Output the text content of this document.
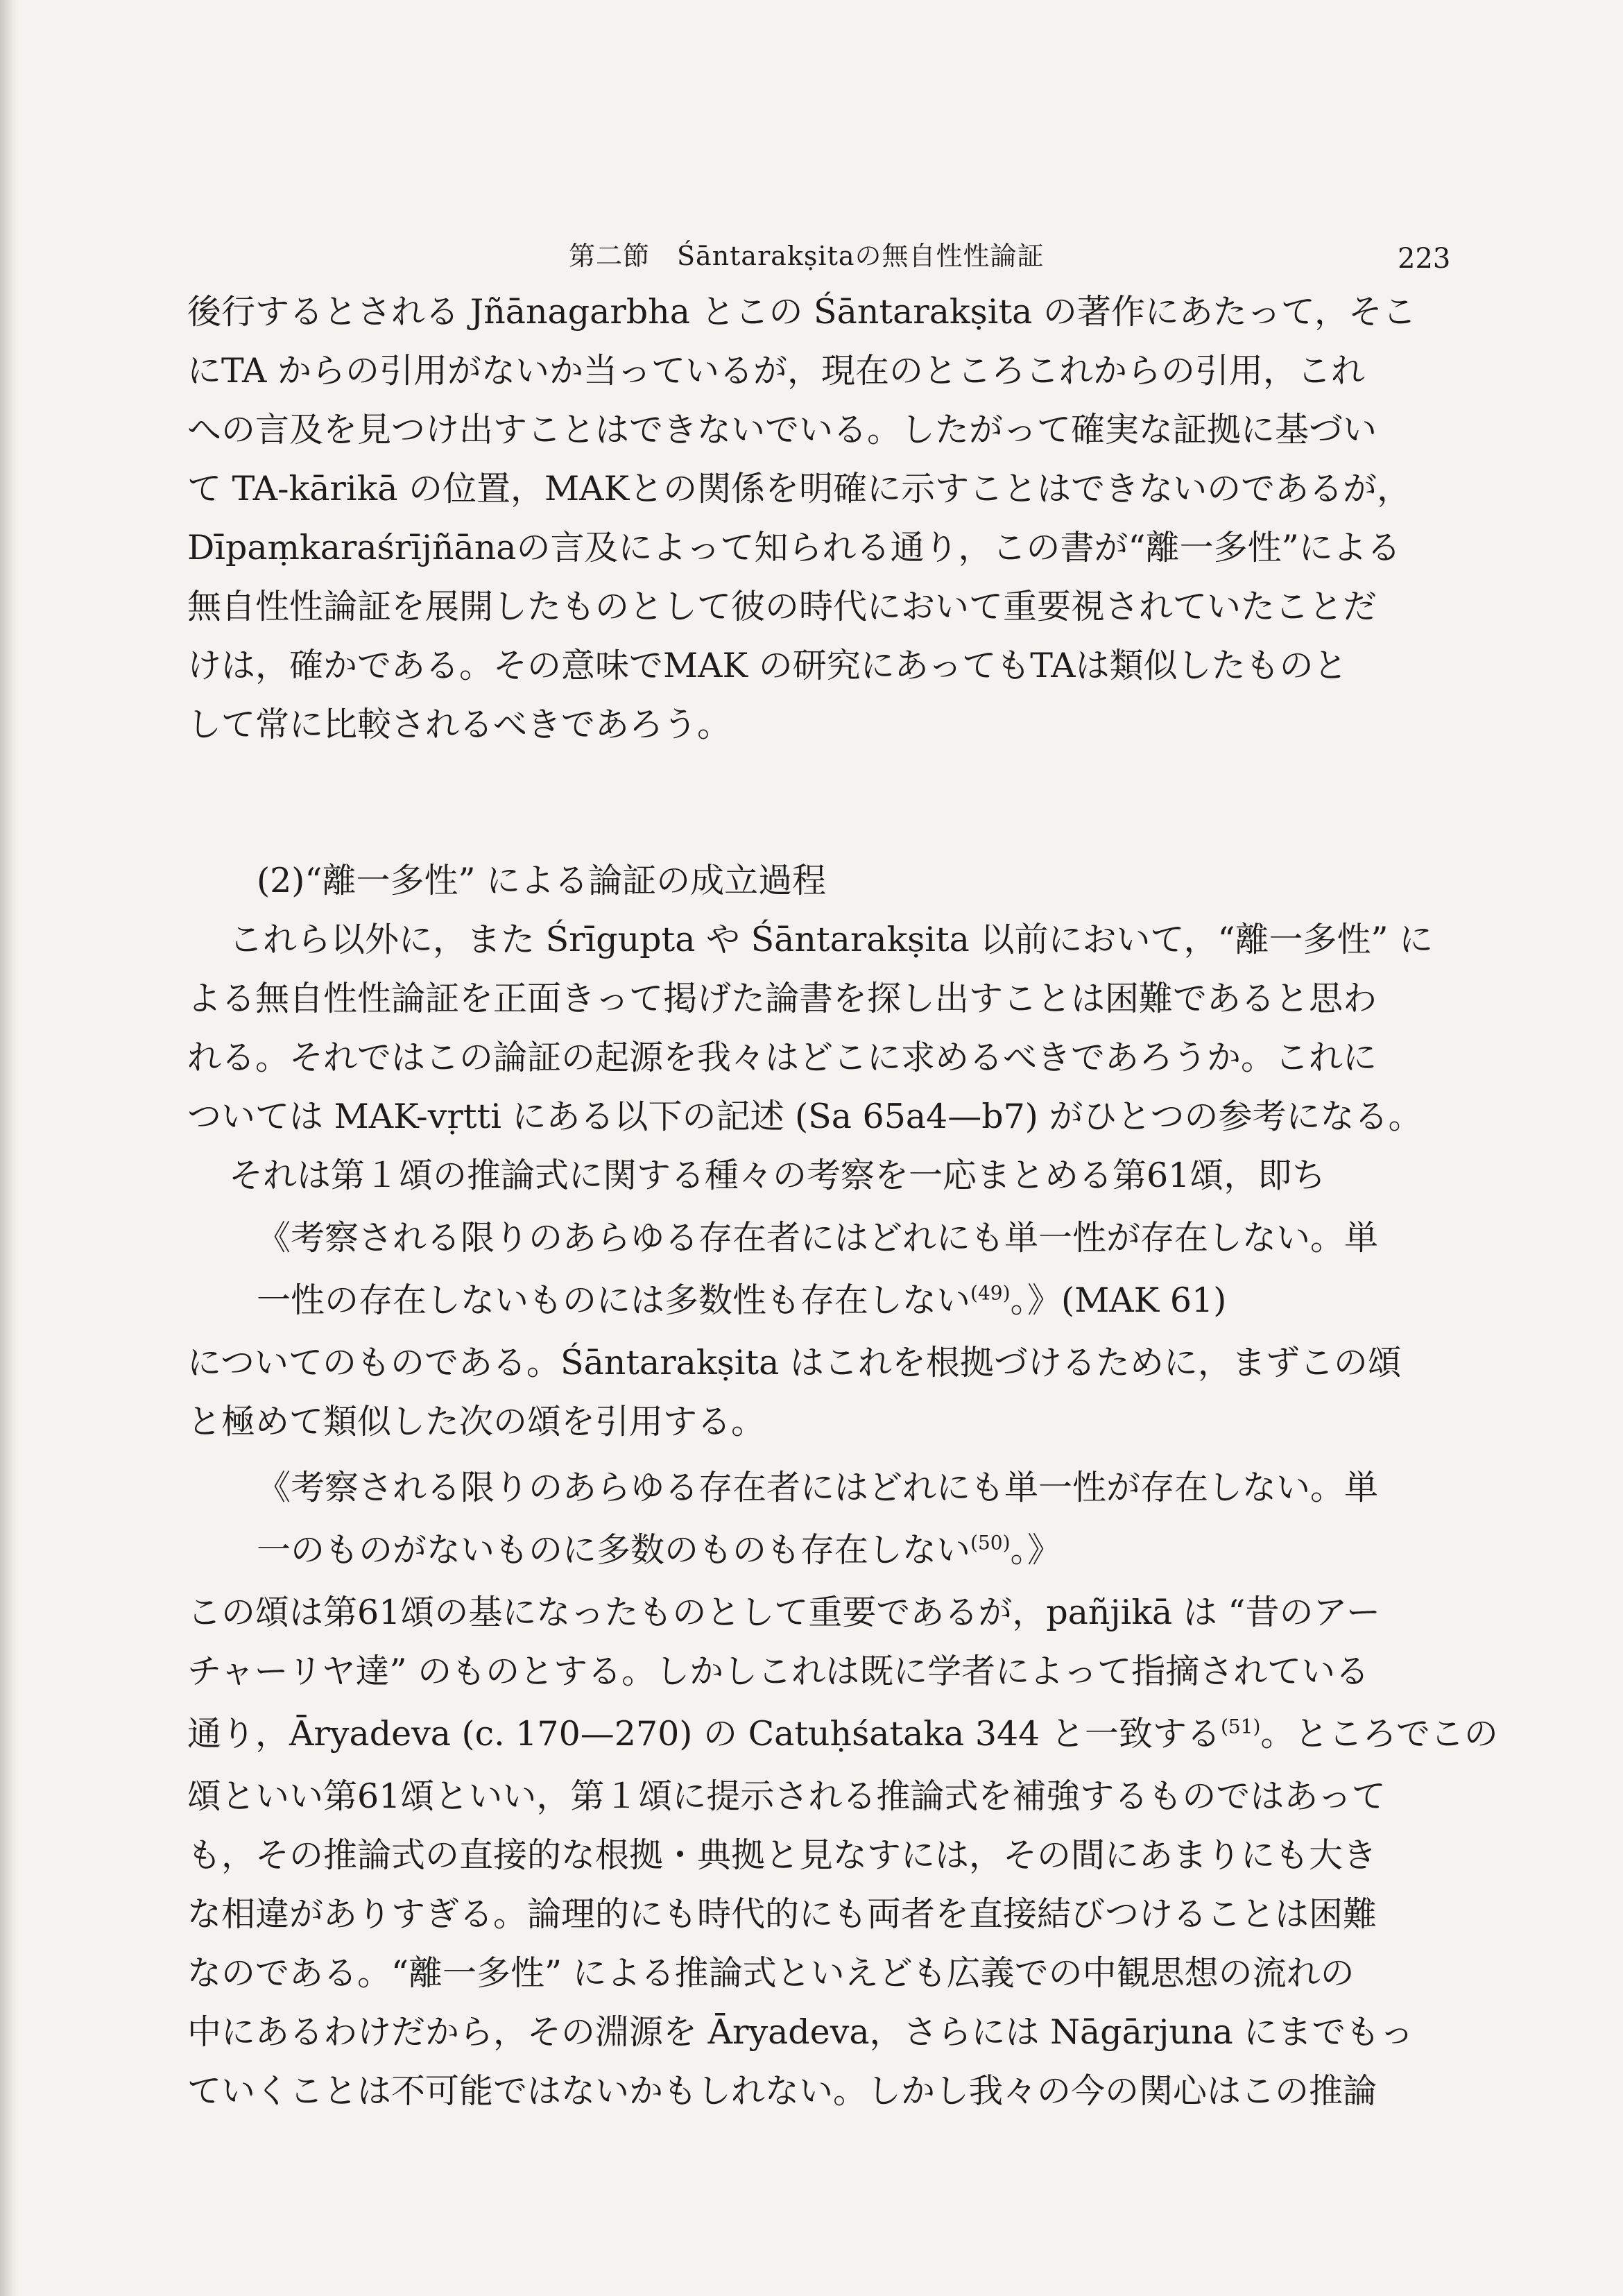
第二節　Śāntarakṣitaの無自性性論証	223
後行するとされる Jñānagarbha とこの Śāntarakṣita の著作にあたって，そこ
にTA からの引用がないか当っているが，現在のところこれからの引用，これ
への言及を見つけ出すことはできないでいる。したがって確実な証拠に基づい
て TA-kārikā の位置，MAKとの関係を明確に示すことはできないのであるが，
Dīpaṃkaraśrījñānaの言及によって知られる通り，この書が“離一多性”による
無自性性論証を展開したものとして彼の時代において重要視されていたことだ
けは，確かである。その意味でMAK の研究にあってもTAは類似したものと
して常に比較されるべきであろう。
(2)“離一多性” による論証の成立過程
これら以外に，また Śrīgupta や Śāntarakṣita 以前において，“離一多性” に
よる無自性性論証を正面きって掲げた論書を探し出すことは困難であると思わ
れる。それではこの論証の起源を我々はどこに求めるべきであろうか。これに
ついては MAK-vṛtti にある以下の記述 (Sa 65a4—b7) がひとつの参考になる。
それは第１頌の推論式に関する種々の考察を一応まとめる第61頌，即ち
《考察される限りのあらゆる存在者にはどれにも単一性が存在しない。単
一性の存在しないものには多数性も存在しない$^{(49)}$。》(MAK 61)
についてのものである。Śāntarakṣita はこれを根拠づけるために，まずこの頌
と極めて類似した次の頌を引用する。
《考察される限りのあらゆる存在者にはどれにも単一性が存在しない。単
一のものがないものに多数のものも存在しない$^{(50)}$。》
この頌は第61頌の基になったものとして重要であるが，pañjikā は “昔のアー
チャーリヤ達” のものとする。しかしこれは既に学者によって指摘されている
通り，Āryadeva (c. 170—270) の Catuḥśataka 344 と一致する$^{(51)}$。ところでこの
頌といい第61頌といい，第１頌に提示される推論式を補強するものではあって
も，その推論式の直接的な根拠・典拠と見なすには，その間にあまりにも大き
な相違がありすぎる。論理的にも時代的にも両者を直接結びつけることは困難
なのである。“離一多性” による推論式といえども広義での中観思想の流れの
中にあるわけだから，その淵源を Āryadeva，さらには Nāgārjuna にまでもっ
ていくことは不可能ではないかもしれない。しかし我々の今の関心はこの推論
